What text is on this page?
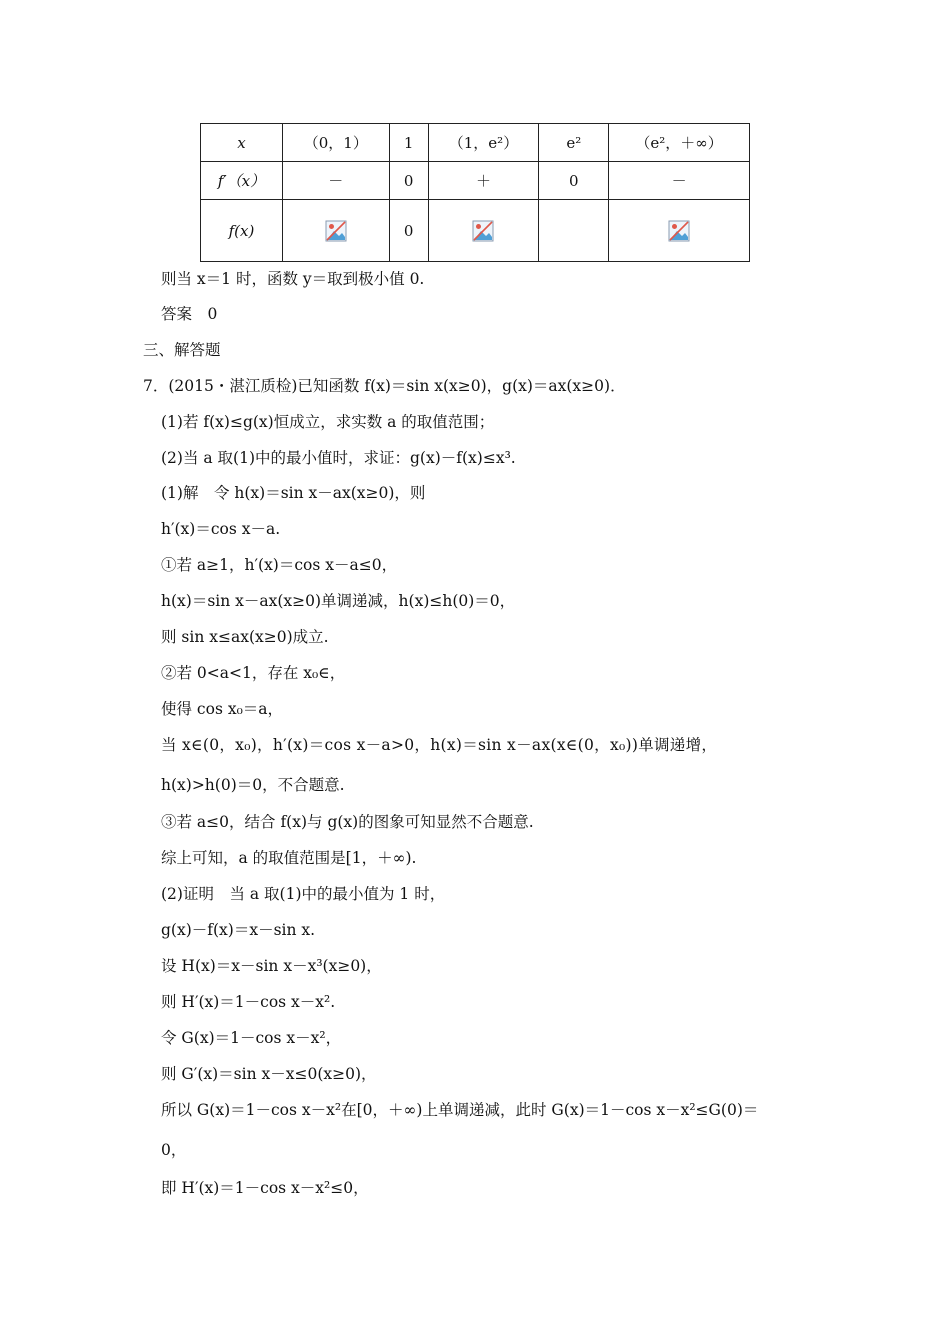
x	（0，1）	1	（1，e²）	e²	（e²，＋∞）
f′（x）	－	0	＋	0	－
f(x)		0			
则当 x＝1 时，函数 y＝取到极小值 0.
答案　0
三、解答题
7．(2015・湛江质检)已知函数 f(x)＝sin x(x≥0)，g(x)＝ax(x≥0)．
(1)若 f(x)≤g(x)恒成立，求实数 a 的取值范围；
(2)当 a 取(1)中的最小值时，求证：g(x)－f(x)≤x³.
(1)解　令 h(x)＝sin x－ax(x≥0)，则
h′(x)＝cos x－a.
①若 a≥1，h′(x)＝cos x－a≤0，
h(x)＝sin x－ax(x≥0)单调递减，h(x)≤h(0)＝0，
则 sin x≤ax(x≥0)成立.
②若 0<a<1，存在 x₀∈，
使得 cos x₀＝a，
当 x∈(0，x₀)，h′(x)＝cos x－a>0，h(x)＝sin x－ax(x∈(0，x₀))单调递增，
h(x)>h(0)＝0，不合题意.
③若 a≤0，结合 f(x)与 g(x)的图象可知显然不合题意.
综上可知，a 的取值范围是[1，＋∞).
(2)证明　当 a 取(1)中的最小值为 1 时，
g(x)－f(x)＝x－sin x.
设 H(x)＝x－sin x－x³(x≥0)，
则 H′(x)＝1－cos x－x².
令 G(x)＝1－cos x－x²，
则 G′(x)＝sin x－x≤0(x≥0)，
所以 G(x)＝1－cos x－x²在[0，＋∞)上单调递减，此时 G(x)＝1－cos x－x²≤G(0)＝
0，
即 H′(x)＝1－cos x－x²≤0，
